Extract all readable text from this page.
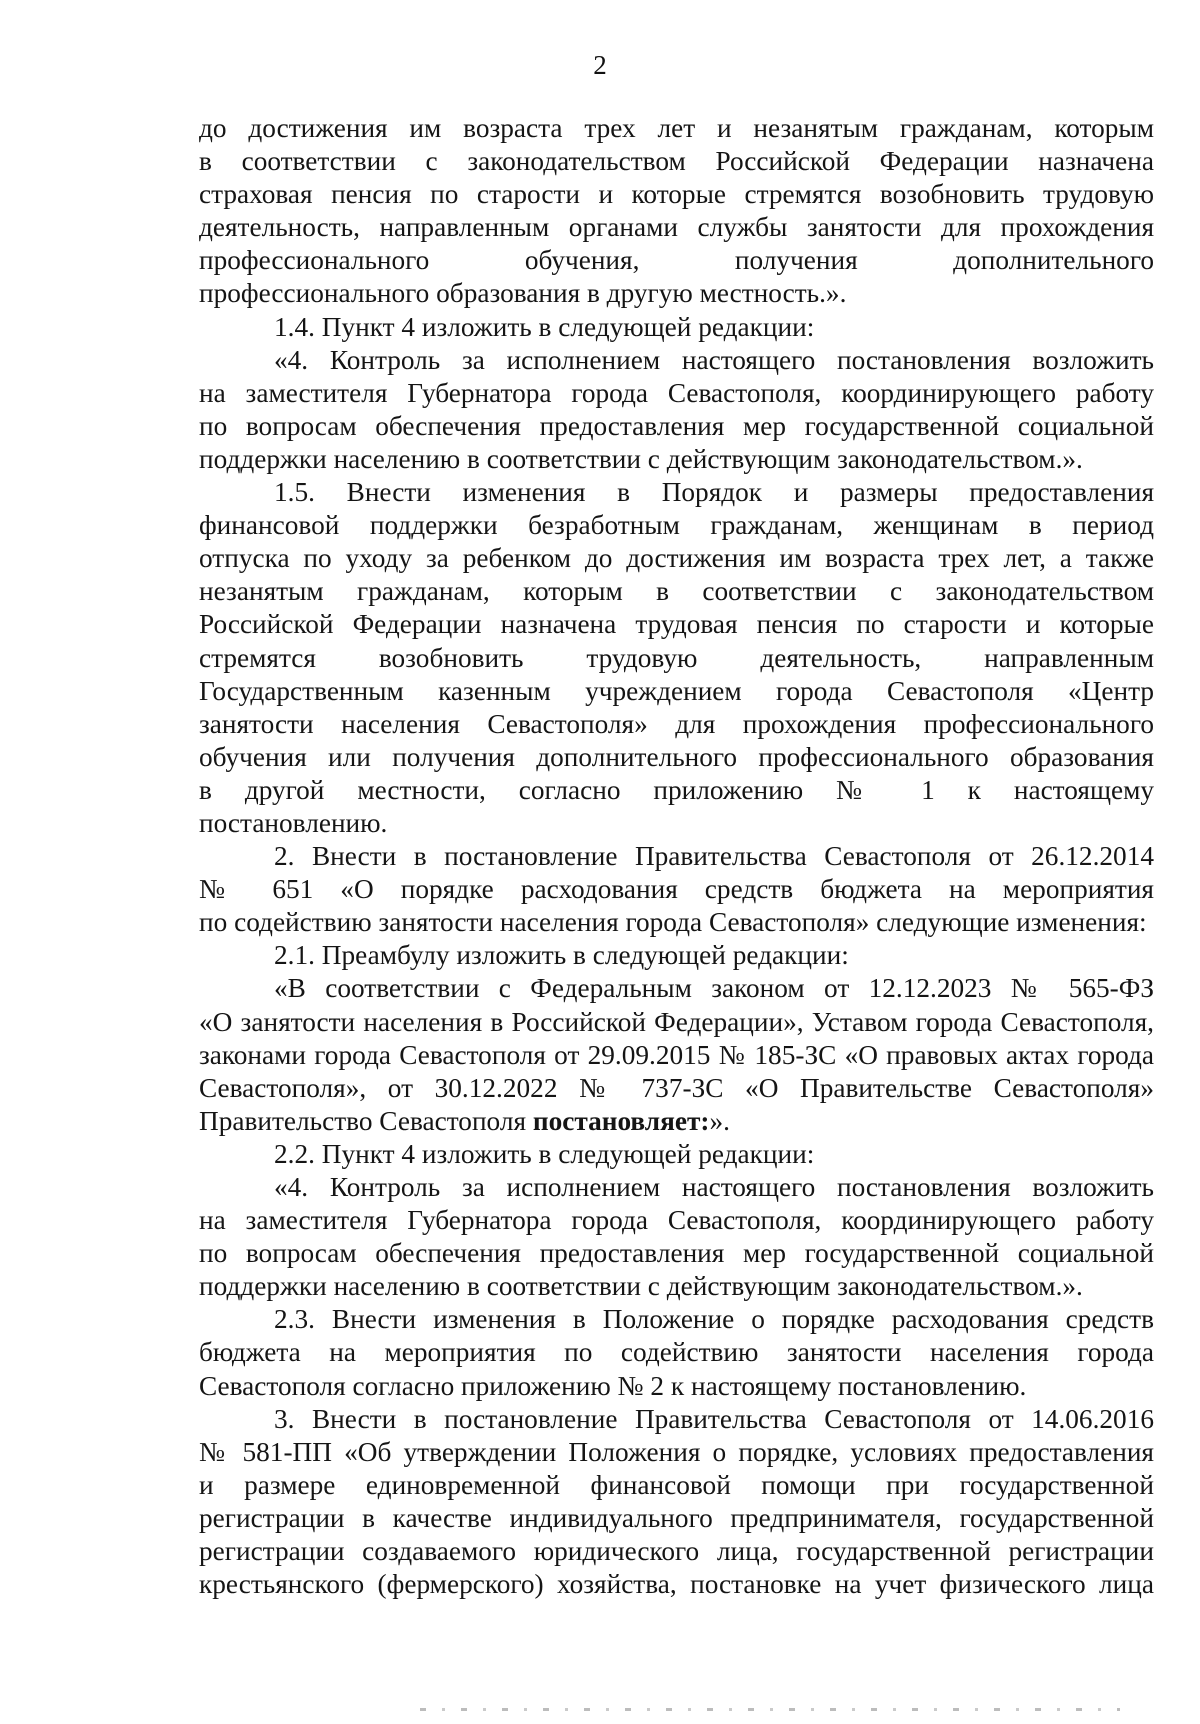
2
до достижения им возраста трех лет и незанятым гражданам, которым
в соответствии с законодательством Российской Федерации назначена
страховая пенсия по старости и которые стремятся возобновить трудовую
деятельность, направленным органами службы занятости для прохождения
профессионального обучения, получения дополнительного
профессионального образования в другую местность.».
1.4. Пункт 4 изложить в следующей редакции:
«4. Контроль за исполнением настоящего постановления возложить
на заместителя Губернатора города Севастополя, координирующего работу
по вопросам обеспечения предоставления мер государственной социальной
поддержки населению в соответствии с действующим законодательством.».
1.5. Внести изменения в Порядок и размеры предоставления
финансовой поддержки безработным гражданам, женщинам в период
отпуска по уходу за ребенком до достижения им возраста трех лет, а также
незанятым гражданам, которым в соответствии с законодательством
Российской Федерации назначена трудовая пенсия по старости и которые
стремятся возобновить трудовую деятельность, направленным
Государственным казенным учреждением города Севастополя «Центр
занятости населения Севастополя» для прохождения профессионального
обучения или получения дополнительного профессионального образования
в другой местности, согласно приложению № 1 к настоящему
постановлению.
2. Внести в постановление Правительства Севастополя от 26.12.2014
№ 651 «О порядке расходования средств бюджета на мероприятия
по содействию занятости населения города Севастополя» следующие изменения:
2.1. Преамбулу изложить в следующей редакции:
«В соответствии с Федеральным законом от 12.12.2023 № 565-ФЗ
«О занятости населения в Российской Федерации», Уставом города Севастополя,
законами города Севастополя от 29.09.2015 № 185-ЗС «О правовых актах города
Севастополя», от 30.12.2022 № 737-ЗС «О Правительстве Севастополя»
Правительство Севастополя постановляет:».
2.2. Пункт 4 изложить в следующей редакции:
«4. Контроль за исполнением настоящего постановления возложить
на заместителя Губернатора города Севастополя, координирующего работу
по вопросам обеспечения предоставления мер государственной социальной
поддержки населению в соответствии с действующим законодательством.».
2.3. Внести изменения в Положение о порядке расходования средств
бюджета на мероприятия по содействию занятости населения города
Севастополя согласно приложению № 2 к настоящему постановлению.
3. Внести в постановление Правительства Севастополя от 14.06.2016
№ 581-ПП «Об утверждении Положения о порядке, условиях предоставления
и размере единовременной финансовой помощи при государственной
регистрации в качестве индивидуального предпринимателя, государственной
регистрации создаваемого юридического лица, государственной регистрации
крестьянского (фермерского) хозяйства, постановке на учет физического лица
